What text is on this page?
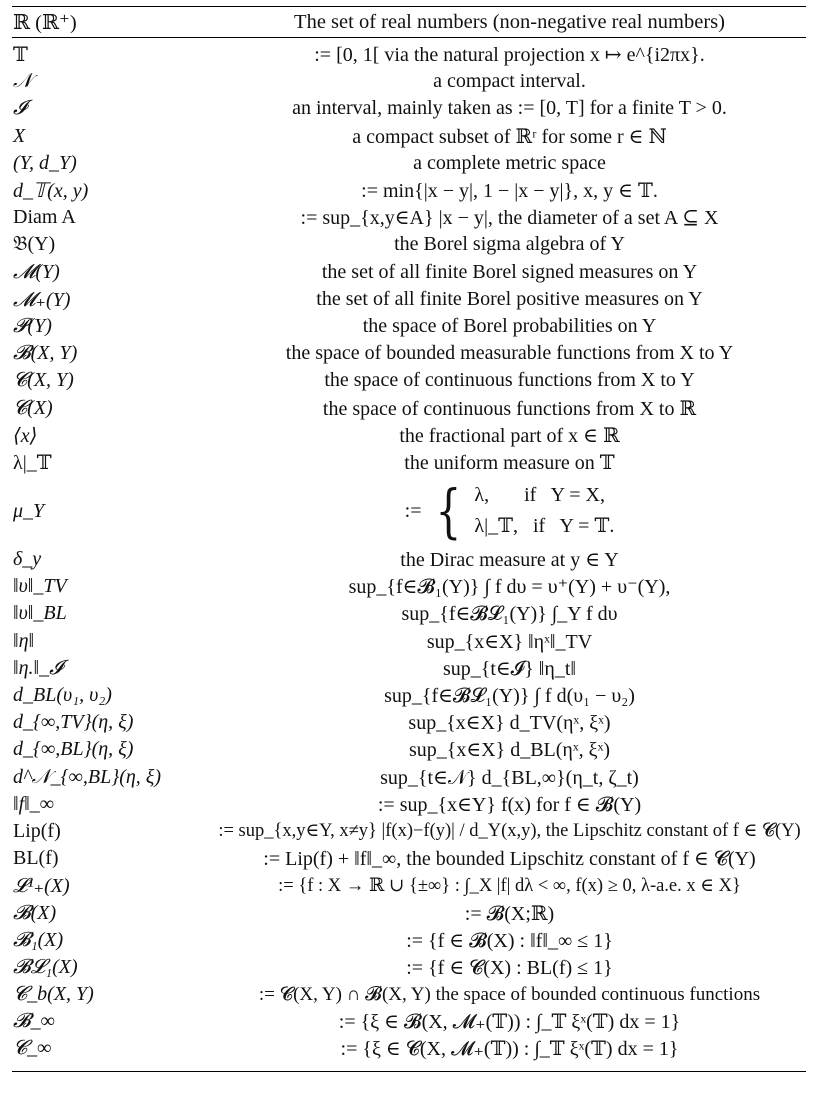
ℝ (ℝ⁺)	The set of real numbers (non-negative real numbers)
𝕋	:= [0, 1[ via the natural projection x ↦ e^{i2πx}.
𝒩	a compact interval.
𝓘	an interval, mainly taken as := [0, T] for a finite T > 0.
X	a compact subset of ℝʳ for some r ∈ ℕ
(Y, d_Y)	a complete metric space
d_𝕋(x, y)	:= min{|x − y|, 1 − |x − y|}, x, y ∈ 𝕋.
Diam A	:= sup_{x,y∈A} |x − y|, the diameter of a set A ⊆ X
𝔅(Y)	the Borel sigma algebra of Y
𝓜(Y)	the set of all finite Borel signed measures on Y
𝓜₊(Y)	the set of all finite Borel positive measures on Y
𝓟(Y)	the space of Borel probabilities on Y
𝓑(X, Y)	the space of bounded measurable functions from X to Y
𝓒(X, Y)	the space of continuous functions from X to Y
𝓒(X)	the space of continuous functions from X to ℝ
⟨x⟩	the fractional part of x ∈ ℝ
λ|_𝕋	the uniform measure on 𝕋
μ_Y	:= { λ,       if   Y = X,
λ|_𝕋,   if   Y = 𝕋.
δ_y	the Dirac measure at y ∈ Y
‖υ‖_TV	sup_{f∈𝓑₁(Y)} ∫ f dυ = υ⁺(Y) + υ⁻(Y),
‖υ‖_BL	sup_{f∈𝓑𝓛₁(Y)} ∫_Y f dυ
‖η‖	sup_{x∈X} ‖ηˣ‖_TV
‖η.‖_𝓘	sup_{t∈𝓘} ‖η_t‖
d_BL(υ₁, υ₂)	sup_{f∈𝓑𝓛₁(Y)} ∫ f d(υ₁ − υ₂)
d_{∞,TV}(η, ξ)	sup_{x∈X} d_TV(ηˣ, ξˣ)
d_{∞,BL}(η, ξ)	sup_{x∈X} d_BL(ηˣ, ξˣ)
d^𝒩_{∞,BL}(η, ξ)	sup_{t∈𝒩} d_{BL,∞}(η_t, ζ_t)
‖f‖_∞	:= sup_{x∈Y} f(x) for f ∈ 𝓑(Y)
Lip(f)	:= sup_{x,y∈Y, x≠y} |f(x)−f(y)| / d_Y(x,y), the Lipschitz constant of f ∈ 𝓒(Y)
BL(f)	:= Lip(f) + ‖f‖_∞, the bounded Lipschitz constant of f ∈ 𝓒(Y)
𝓛¹₊(X)	:= {f : X → ℝ ∪ {±∞} : ∫_X |f| dλ < ∞, f(x) ≥ 0, λ-a.e. x ∈ X}
𝓑(X)	:= 𝓑(X;ℝ)
𝓑₁(X)	:= {f ∈ 𝓑(X) : ‖f‖_∞ ≤ 1}
𝓑𝓛₁(X)	:= {f ∈ 𝓒(X) : BL(f) ≤ 1}
𝓒_b(X, Y)	:= 𝓒(X, Y) ∩ 𝓑(X, Y) the space of bounded continuous functions
𝓑_∞	:= {ξ ∈ 𝓑(X, 𝓜₊(𝕋)) : ∫_𝕋 ξˣ(𝕋) dx = 1}
𝓒_∞	:= {ξ ∈ 𝓒(X, 𝓜₊(𝕋)) : ∫_𝕋 ξˣ(𝕋) dx = 1}
